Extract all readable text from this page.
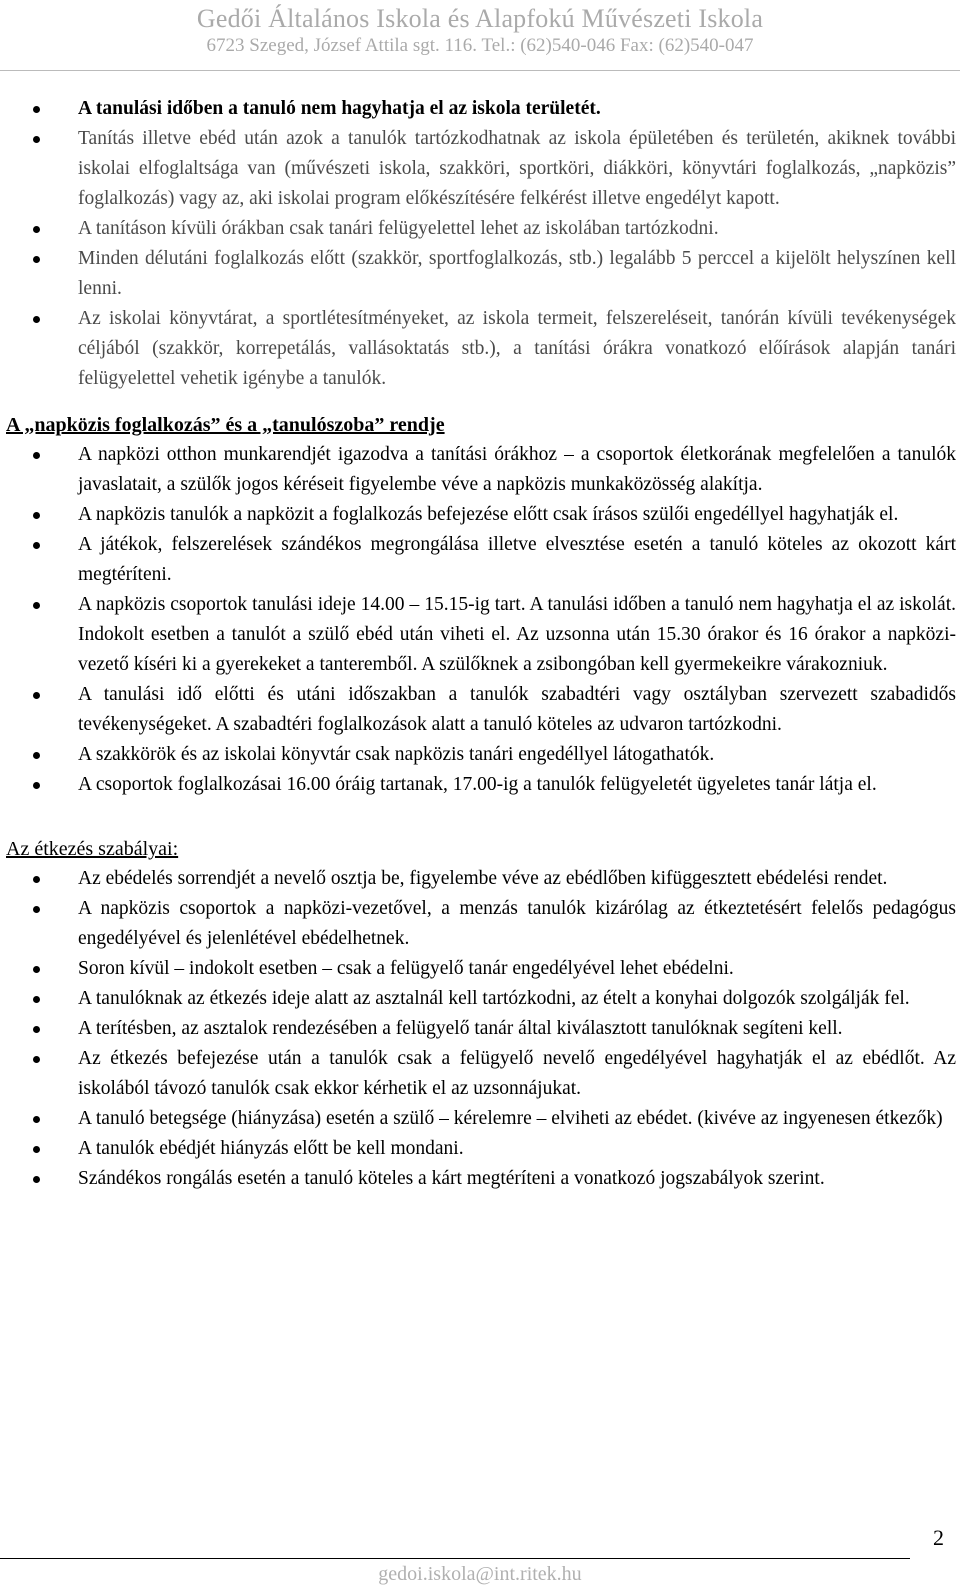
Gedői Általános Iskola és Alapfokú Művészeti Iskola
6723 Szeged, József Attila sgt. 116. Tel.: (62)540-046 Fax: (62)540-047
A tanulási időben a tanuló nem hagyhatja el az iskola területét.
Tanítás illetve ebéd után azok a tanulók tartózkodhatnak az iskola épületében és területén, akiknek további iskolai elfoglaltsága van (művészeti iskola, szakköri, sportköri, diákköri, könyvtári foglalkozás, „napközis” foglalkozás) vagy az, aki iskolai program előkészítésére felkérést illetve engedélyt kapott.
A tanításon kívüli órákban csak tanári felügyelettel lehet az iskolában tartózkodni.
Minden délutáni foglalkozás előtt (szakkör, sportfoglalkozás, stb.) legalább 5 perccel a kijelölt helyszínen kell lenni.
Az iskolai könyvtárat, a sportlétesítményeket, az iskola termeit, felszereléseit, tanórán kívüli tevékenységek céljából (szakkör, korrepetálás, vallásoktatás stb.), a tanítási órákra vonatkozó előírások alapján tanári felügyelettel vehetik igénybe a tanulók.
A „napközis foglalkozás” és a „tanulószoba” rendje
A napközi otthon munkarendjét igazodva a tanítási órákhoz – a csoportok életkorának megfelelően a tanulók javaslatait, a szülők jogos kéréseit figyelembe véve a napközis munkaközösség alakítja.
A napközis tanulók a napközit a foglalkozás befejezése előtt csak írásos szülői engedéllyel hagyhatják el.
A játékok, felszerelések szándékos megrongálása illetve elvesztése esetén a tanuló köteles az okozott kárt megtéríteni.
A napközis csoportok tanulási ideje 14.00 – 15.15-ig tart. A tanulási időben a tanuló nem hagyhatja el az iskolát. Indokolt esetben a tanulót a szülő ebéd után viheti el. Az uzsonna után 15.30 órakor és 16 órakor a napközi-vezető kíséri ki a gyerekeket a tanteremből. A szülőknek a zsibongóban kell gyermekeikre várakozniuk.
A tanulási idő előtti és utáni időszakban a tanulók szabadtéri vagy osztályban szervezett szabadidős tevékenységeket. A szabadtéri foglalkozások alatt a tanuló köteles az udvaron tartózkodni.
A szakkörök és az iskolai könyvtár csak napközis tanári engedéllyel látogathatók.
A csoportok foglalkozásai 16.00 óráig tartanak, 17.00-ig a tanulók felügyeletét ügyeletes tanár látja el.
Az étkezés szabályai:
Az ebédelés sorrendjét a nevelő osztja be, figyelembe véve az ebédlőben kifüggesztett ebédelési rendet.
A napközis csoportok a napközi-vezetővel, a menzás tanulók kizárólag az étkeztetésért felelős pedagógus engedélyével és jelenlétével ebédelhetnek.
Soron kívül – indokolt esetben – csak a felügyelő tanár engedélyével lehet ebédelni.
A tanulóknak az étkezés ideje alatt az asztalnál kell tartózkodni, az ételt a konyhai dolgozók szolgálják fel.
A terítésben, az asztalok rendezésében a felügyelő tanár által kiválasztott tanulóknak segíteni kell.
Az étkezés befejezése után a tanulók csak a felügyelő nevelő engedélyével hagyhatják el az ebédlőt. Az iskolából távozó tanulók csak ekkor kérhetik el az uzsonnájukat.
A tanuló betegsége (hiányzása) esetén a szülő – kérelemre – elviheti az ebédet. (kivéve az ingyenesen étkezők)
A tanulók ebédjét hiányzás előtt be kell mondani.
Szándékos rongálás esetén a tanuló köteles a kárt megtéríteni a vonatkozó jogszabályok szerint.
2
gedoi.iskola@int.ritek.hu
